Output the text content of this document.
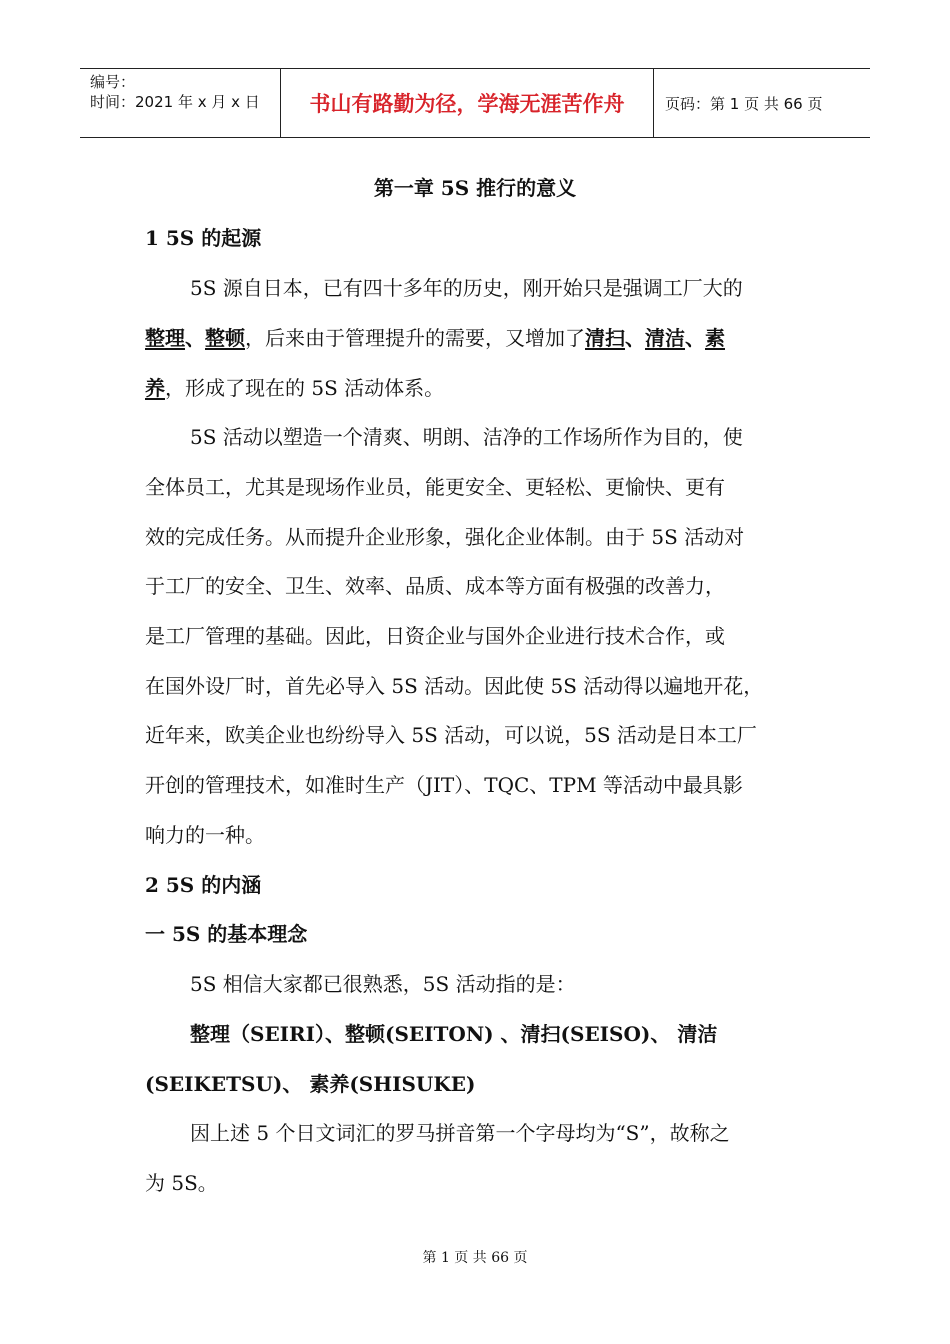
编号：
时间：2021 年 x 月 x 日	书山有路勤为径，学海无涯苦作舟	页码：第 1 页 共 66 页
第一章 5S 推行的意义
1 5S 的起源
5S 源自日本，已有四十多年的历史，刚开始只是强调工厂大的
整理、整顿，后来由于管理提升的需要，又增加了清扫、清洁、素
养，形成了现在的 5S 活动体系。
5S 活动以塑造一个清爽、明朗、洁净的工作场所作为目的，使
全体员工，尤其是现场作业员，能更安全、更轻松、更愉快、更有
效的完成任务。从而提升企业形象，强化企业体制。由于 5S 活动对
于工厂的安全、卫生、效率、品质、成本等方面有极强的改善力，
是工厂管理的基础。因此，日资企业与国外企业进行技术合作，或
在国外设厂时，首先必导入 5S 活动。因此使 5S 活动得以遍地开花，
近年来，欧美企业也纷纷导入 5S 活动，可以说，5S 活动是日本工厂
开创的管理技术，如准时生产（JIT）、TQC、TPM 等活动中最具影
响力的一种。
2 5S 的内涵
一 5S 的基本理念
5S 相信大家都已很熟悉，5S 活动指的是：
整理（SEIRI）、整顿(SEITON) 、清扫(SEISO)、 清洁
(SEIKETSU)、 素养(SHISUKE)
因上述 5 个日文词汇的罗马拼音第一个字母均为“S”，故称之
为 5S。
第 1 页 共 66 页
